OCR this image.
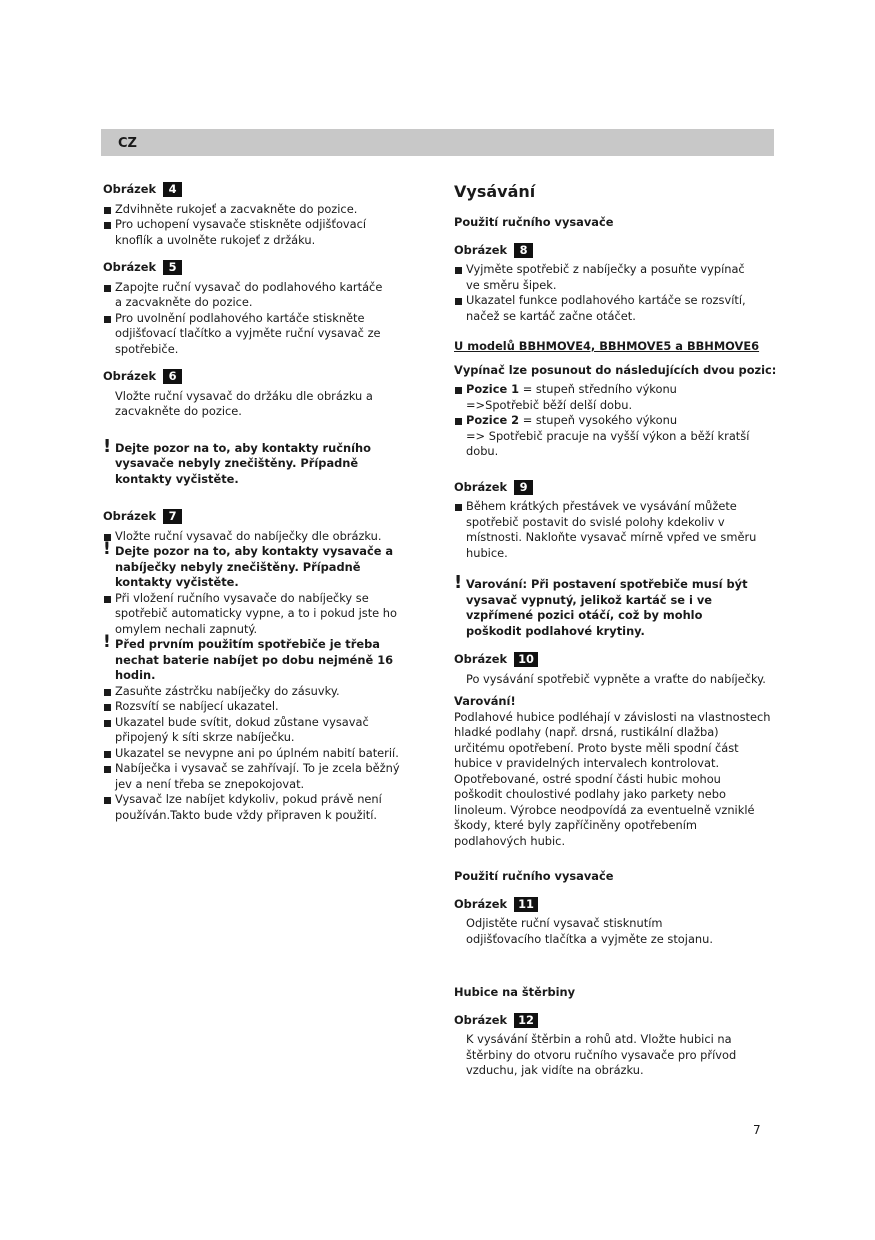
CZ
Obrázek	4
Zdvihněte rukojeť a zacvakněte do pozice.
Pro uchopení vysavače stiskněte odjišťovací knoflík a uvolněte rukojeť z držáku.
Obrázek	5
Zapojte ruční vysavač do podlahového kartáče a zacvakněte do pozice.
Pro uvolnění podlahového kartáče stiskněte odjišťovací tlačítko a vyjměte ruční vysavač ze spotřebiče.
Obrázek	6

Vložte ruční vysavač do držáku dle obrázku a zacvakněte do pozice.

! Dejte pozor na to, aby kontakty ručního vysavače nebyly znečištěny. Případně kontakty vyčistěte.
Obrázek	7
Vložte ruční vysavač do nabíječky dle obrázku.
! Dejte pozor na to, aby kontakty vysavače a nabíječky nebyly znečištěny. Případně kontakty vyčistěte.
Při vložení ručního vysavače do nabíječky se spotřebič automaticky vypne, a to i pokud jste ho omylem nechali zapnutý.
! Před prvním použitím spotřebiče je třeba nechat baterie nabíjet po dobu nejméně 16 hodin.
Zasuňte zástrčku nabíječky do zásuvky.
Rozsvítí se nabíjecí ukazatel.
Ukazatel bude svítit, dokud zůstane vysavač připojený k síti skrze nabíječku.
Ukazatel se nevypne ani po úplném nabití baterií.
Nabíječka i vysavač se zahřívají. To je zcela běžný jev a není třeba se znepokojovat.
Vysavač lze nabíjet kdykoliv, pokud právě není používán.Takto bude vždy připraven k použití.
Vysávání
Použití ručního vysavače
Obrázek	8
Vyjměte spotřebič z nabíječky a posuňte vypínač ve směru šipek.
Ukazatel funkce podlahového kartáče se rozsvítí, načež se kartáč začne otáčet.
U modelů BBHMOVE4, BBHMOVE5 a BBHMOVE6
Vypínač lze posunout do následujících dvou pozic:
Pozice 1 = stupeň středního výkonu
=>Spotřebič běží delší dobu.
Pozice 2 = stupeň vysokého výkonu

=> Spotřebič pracuje na vyšší výkon a běží kratší dobu.
Obrázek	9
Během krátkých přestávek ve vysávání můžete spotřebič postavit do svislé polohy kdekoliv v místnosti. Nakloňte vysavač mírně vpřed ve směru hubice.
! Varování: Při postavení spotřebiče musí být vysavač vypnutý, jelikož kartáč se i ve vzpřímené pozici otáčí, což by mohlo poškodit podlahové krytiny.
Obrázek 10

Po vysávání spotřebič vypněte a vraťte do nabíječky.

Varování!

Podlahové hubice podléhají v závislosti na vlastnostech hladké podlahy (např. drsná, rustikální dlažba) určitému opotřebení. Proto byste měli spodní část hubice v pravidelných intervalech kontrolovat. Opotřebované, ostré spodní části hubic mohou poškodit choulostivé podlahy jako parkety nebo linoleum. Výrobce neodpovídá za eventuelně vzniklé škody, které byly zapříčiněny opotřebením podlahových hubic.

Použití ručního vysavače
Obrázek 11

Odjistěte ruční vysavač stisknutím odjišťovacího tlačítka a vyjměte ze stojanu.

Hubice na štěrbiny
Obrázek 12

K vysávání štěrbin a rohů atd. Vložte hubici na štěrbiny do otvoru ručního vysavače pro přívod vzduchu, jak vidíte na obrázku.

7
